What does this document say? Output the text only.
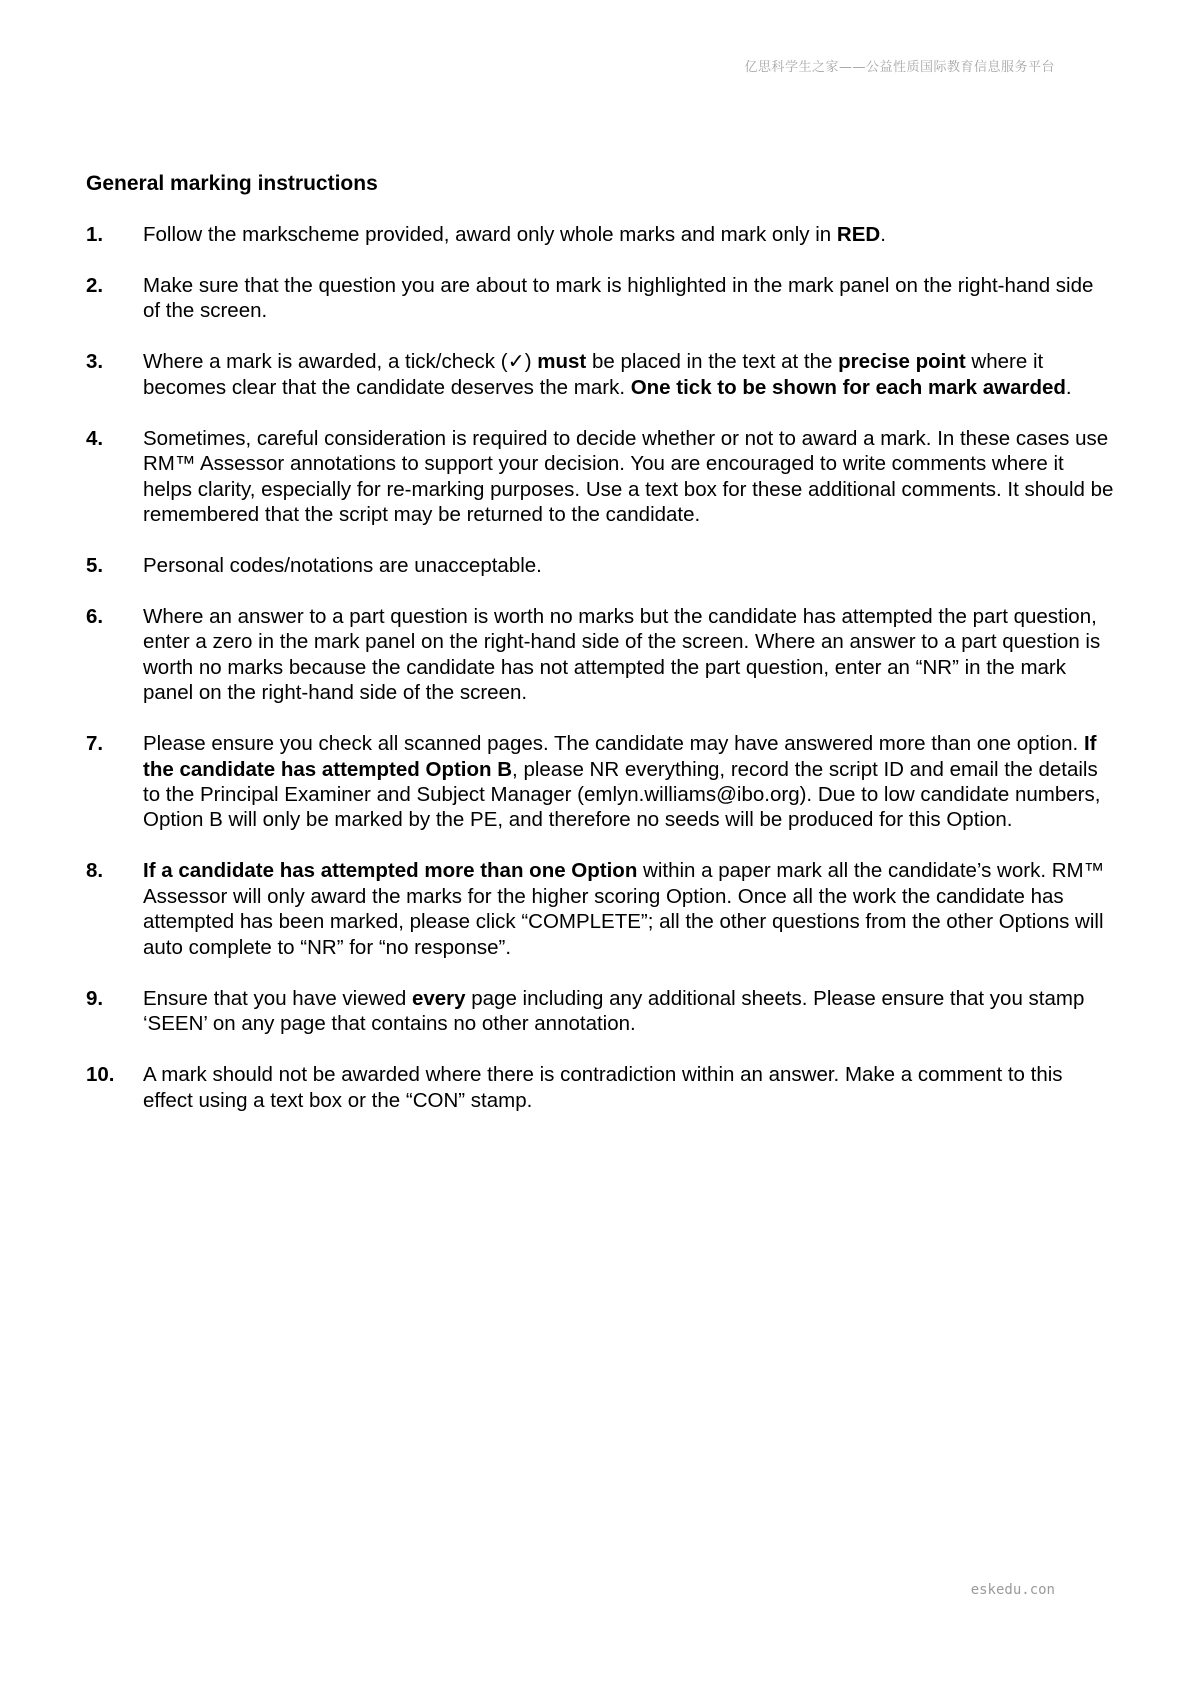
亿思科学生之家——公益性质国际教育信息服务平台
General marking instructions
1.	Follow the markscheme provided, award only whole marks and mark only in RED.
2.	Make sure that the question you are about to mark is highlighted in the mark panel on the right-hand side of the screen.
3.	Where a mark is awarded, a tick/check (✓) must be placed in the text at the precise point where it becomes clear that the candidate deserves the mark. One tick to be shown for each mark awarded.
4.	Sometimes, careful consideration is required to decide whether or not to award a mark. In these cases use RM™ Assessor annotations to support your decision. You are encouraged to write comments where it helps clarity, especially for re-marking purposes. Use a text box for these additional comments. It should be remembered that the script may be returned to the candidate.
5.	Personal codes/notations are unacceptable.
6.	Where an answer to a part question is worth no marks but the candidate has attempted the part question, enter a zero in the mark panel on the right-hand side of the screen. Where an answer to a part question is worth no marks because the candidate has not attempted the part question, enter an “NR” in the mark panel on the right-hand side of the screen.
7.	Please ensure you check all scanned pages. The candidate may have answered more than one option. If the candidate has attempted Option B, please NR everything, record the script ID and email the details to the Principal Examiner and Subject Manager (emlyn.williams@ibo.org). Due to low candidate numbers, Option B will only be marked by the PE, and therefore no seeds will be produced for this Option.
8.	If a candidate has attempted more than one Option within a paper mark all the candidate’s work. RM™ Assessor will only award the marks for the higher scoring Option. Once all the work the candidate has attempted has been marked, please click “COMPLETE”; all the other questions from the other Options will auto complete to “NR” for “no response”.
9.	Ensure that you have viewed every page including any additional sheets. Please ensure that you stamp ‘SEEN’ on any page that contains no other annotation.
10.	A mark should not be awarded where there is contradiction within an answer. Make a comment to this effect using a text box or the “CON” stamp.
eskedu.con
